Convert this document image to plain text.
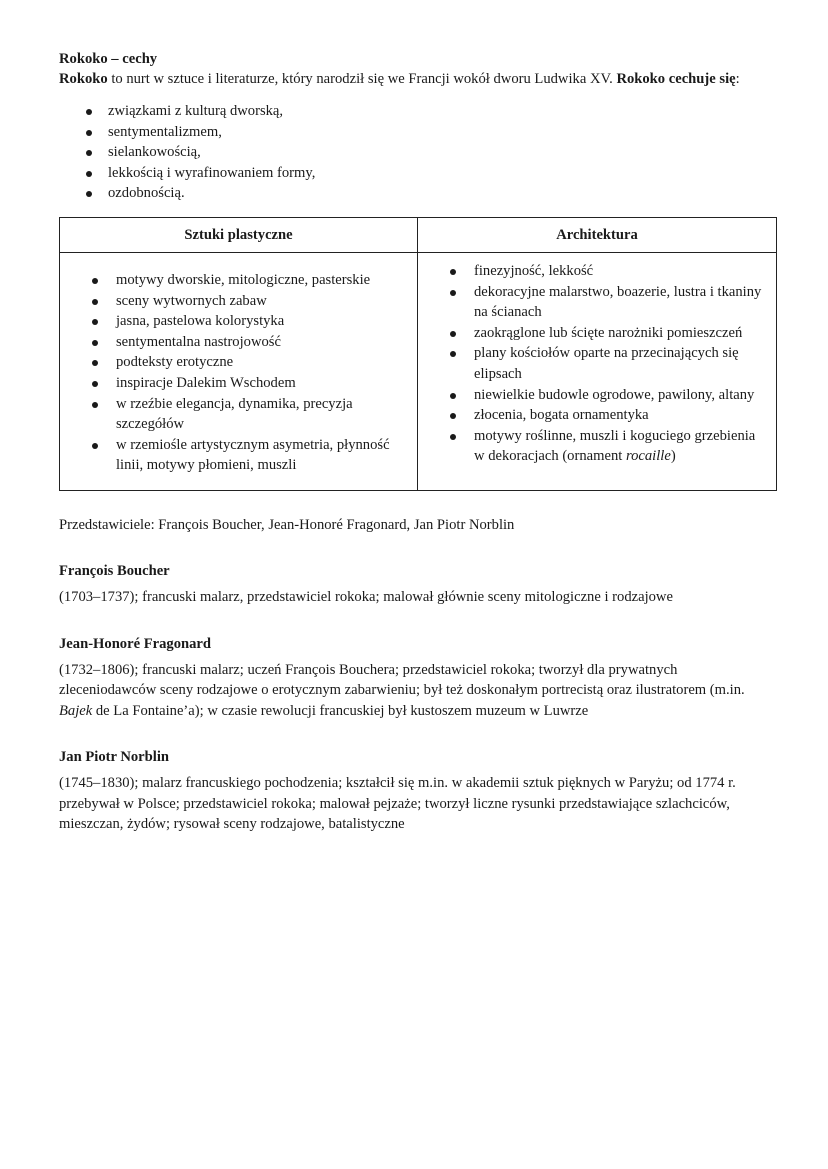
Rokoko – cechy

Rokoko to nurt w sztuce i literaturze, który narodził się we Francji wokół dworu Ludwika XV. Rokoko cechuje się:

związkami z kulturą dworską,
sentymentalizmem,
sielankowością,
lekkością i wyrafinowaniem formy,
ozdobnością.
Sztuki plastyczne	Architektura
motywy dworskie, mitologiczne, pasterskie
sceny wytwornych zabaw
jasna, pastelowa kolorystyka
sentymentalna nastrojowość
podteksty erotyczne
inspiracje Dalekim Wschodem
w rzeźbie elegancja, dynamika, precyzja szczegółów
w rzemiośle artystycznym asymetria, płynność linii, motywy płomieni, muszli
finezyjność, lekkość
dekoracyjne malarstwo, boazerie, lustra i tkaniny na ścianach
zaokrąglone lub ścięte narożniki pomieszczeń
plany kościołów oparte na przecinających się elipsach
niewielkie budowle ogrodowe, pawilony, altany
złocenia, bogata ornamentyka
motywy roślinne, muszli i koguciego grzebienia w dekoracjach (ornament rocaille)

Przedstawiciele: François Boucher, Jean-Honoré Fragonard, Jan Piotr Norblin

François Boucher

(1703–1737); francuski malarz, przedstawiciel rokoka; malował głównie sceny mitologiczne i rodzajowe

Jean-Honoré Fragonard

(1732–1806); francuski malarz; uczeń François Bouchera; przedstawiciel rokoka; tworzył dla prywatnych zleceniodawców sceny rodzajowe o erotycznym zabarwieniu; był też doskonałym portrecistą oraz ilustratorem (m.in. Bajek de La Fontaine’a); w czasie rewolucji francuskiej był kustoszem muzeum w Luwrze

Jan Piotr Norblin

(1745–1830); malarz francuskiego pochodzenia; kształcił się m.in. w akademii sztuk pięknych w Paryżu; od 1774 r. przebywał w Polsce; przedstawiciel rokoka; malował pejzaże; tworzył liczne rysunki przedstawiające szlachciców, mieszczan, żydów; rysował sceny rodzajowe, batalistyczne
